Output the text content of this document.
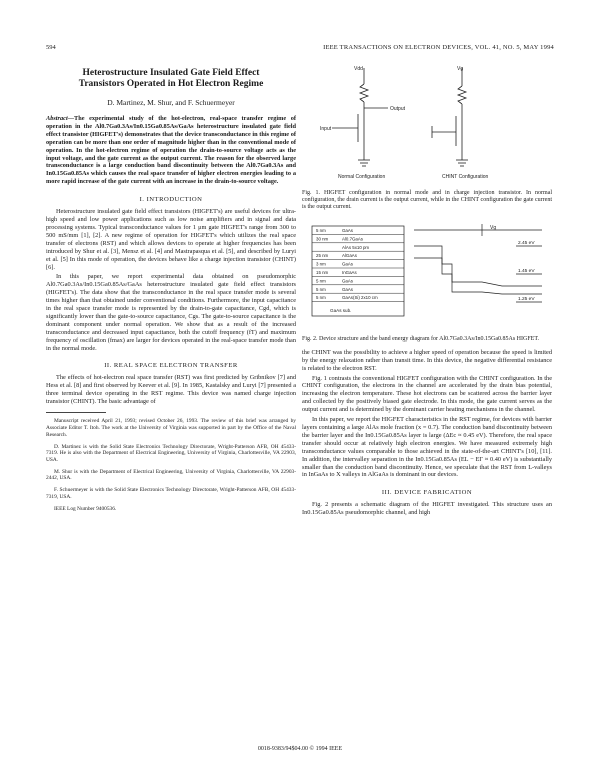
594	IEEE TRANSACTIONS ON ELECTRON DEVICES, VOL. 41, NO. 5, MAY 1994
Heterostructure Insulated Gate Field Effect
Transistors Operated in Hot Electron Regime
D. Martinez, M. Shur, and F. Schuermeyer
Abstract—The experimental study of the hot-electron, real-space transfer regime of operation in the Al0.7Ga0.3As/In0.15Ga0.85As/GaAs heterostructure insulated gate field effect transistor (HIGFET's) demonstrates that the device transconductance in this regime of operation can be more than one order of magnitude higher than in the conventional mode of operation. In the hot-electron regime of operation the drain-to-source voltage acts as the input voltage, and the gate current as the output current. The reason for the observed large transconductance is a large conduction band discontinuity between the Al0.7Ga0.3As and In0.15Ga0.85As which causes the real space transfer of higher electron energies leading to a more rapid increase of the gate current with an increase in the drain-to-source voltage.
I. INTRODUCTION

Heterostructure insulated gate field effect transistors (HIGFET's) are useful devices for ultra-high speed and low power applications such as low noise amplifiers and in signal and data processing systems. Typical transconductance values for 1 μm gate HIGFET's range from 300 to 500 mS/mm [1], [2]. A new regime of operation for HIGFET's which utilizes the real space transfer of electrons (RST) and which allows devices to operate at higher frequencies has been introduced by Shur et al. [3], Mensz et al. [4] and Mastrapasqua et al. [5], and described by Luryi et al. [5] In this mode of operation, the devices behave like a charge injection transistor (CHINT) [6].

In this paper, we report experimental data obtained on pseudomorphic Al0.7Ga0.3As/In0.15Ga0.85As/GaAs heterostructure insulated gate field effect transistors (HIGFET's). The data show that the transconductance in the real space transfer mode is several times higher than that obtained under conventional conditions. Furthermore, the input capacitance in the real space transfer mode is represented by the drain-to-gate capacitance, Cgd, which is significantly lower than the gate-to-source capacitance, Cgs. The gate-to-source capacitance is the dominant component under normal operation. We show that as a result of the increased transconductance and decreased input capacitance, both the cutoff frequency (fT) and maximum frequency of oscillation (fmax) are larger for devices operated in the real-space transfer mode than in the normal mode.

II. REAL SPACE ELECTRON TRANSFER

The effects of hot-electron real space transfer (RST) was first predicted by Gribnikov [7] and Hess et al. [8] and first observed by Keever et al. [9]. In 1985, Kastalsky and Luryi [7] presented a three terminal device operating in the RST regime. This device was named charge injection transistor (CHINT). The basic advantage of

Manuscript received April 21, 1993; revised October 26, 1993. The review of this brief was arranged by Associate Editor T. Itoh. The work at the University of Virginia was supported in part by the Office of the Naval Research.

D. Martinez is with the Solid State Electronics Technology Directorate, Wright-Patterson AFB, OH 45433-7319. He is also with the Department of Electrical Engineering, University of Virginia, Charlottesville, VA 22903, USA.

M. Shur is with the Department of Electrical Engineering, University of Virginia, Charlottesville, VA 22903-2442, USA.

F. Schuermeyer is with the Solid State Electronics Technology Directorate, Wright-Patterson AFB, OH 45433-7319, USA.

IEEE Log Number 9400536.

Vdd
Input
Output
Normal Configuration
Vg
CHINT Configuration
Fig. 1. HIGFET configuration in normal mode and in charge injection transistor. In normal configuration, the drain current is the output current, while in the CHINT configuration the gate current is the output current.
5 nm	GaAs
30 nm	Al0.7GaAs
AlAs 5x10 pm
25 nm	AlGaAs
3 nm	GaAs
15 nm	InGaAs
5 nm	GaAs
5 nm	GaAs
5 nm	GaAs(Si) 2x10 cm
GaAs sub.
Vg
2.45 eV
1.45 eV
1.25 eV
Fig. 2. Device structure and the band energy diagram for Al0.7Ga0.3As/In0.15Ga0.85As HIGFET.

the CHINT was the possibility to achieve a higher speed of operation because the speed is limited by the energy relaxation rather than transit time. In this device, the negative differential resistance is related to the electron RST.

Fig. 1 contrasts the conventional HIGFET configuration with the CHINT configuration. In the CHINT configuration, the electrons in the channel are accelerated by the drain bias potential, increasing the electron temperature. These hot electrons can be scattered across the barrier layer and collected by the positively biased gate electrode. In this mode, the gate current serves as the output current and is determined by the dominant carrier heating mechanisms in the channel.

In this paper, we report the HIGFET characteristics in the RST regime, for devices with barrier layers containing a large AlAs mole fraction (x = 0.7). The conduction band discontinuity between the barrier layer and the In0.15Ga0.85As layer is large (ΔEc ≈ 0.45 eV). Therefore, the real space transfer should occur at relatively high electron energies. We have measured extremely high transconductance values comparable to those achieved in the state-of-the-art CHINT's [10], [11]. In addition, the intervalley separation in the In0.15Ga0.85As (EL − EΓ ≈ 0.40 eV) is substantially smaller than the conduction band discontinuity. Hence, we speculate that the RST from L-valleys in InGaAs to X valleys in AlGaAs is dominant in our devices.

III. DEVICE FABRICATION

Fig. 2 presents a schematic diagram of the HIGFET investigated. This structure uses an In0.15Ga0.85As pseudomorphic channel, and high

0018-9383/94$04.00 © 1994 IEEE
